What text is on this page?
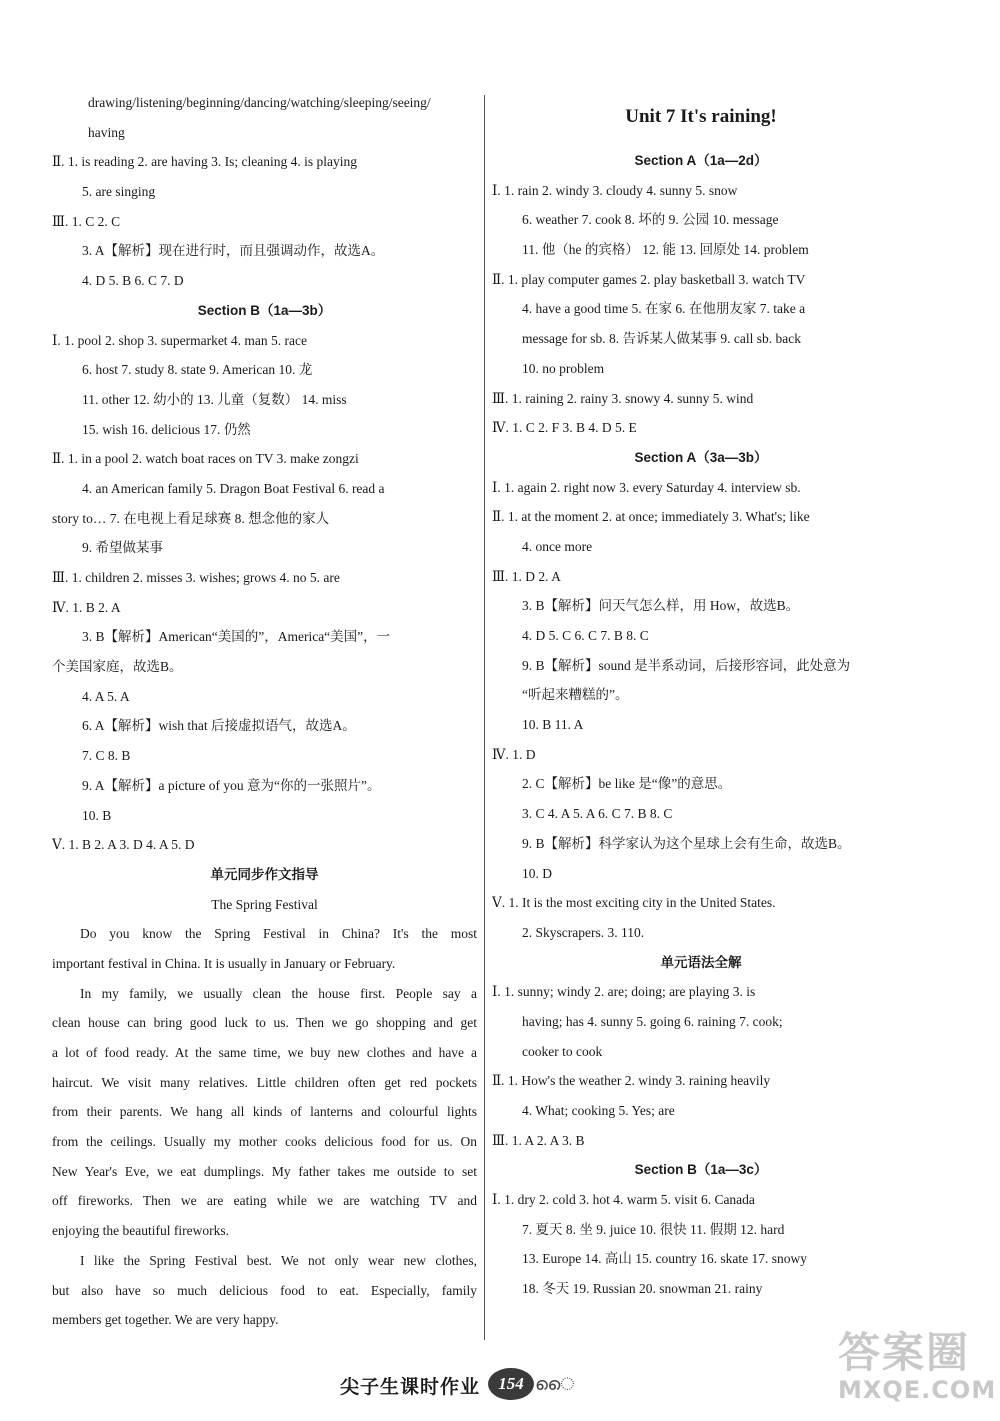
drawing/listening/beginning/dancing/watching/sleeping/seeing/
having
Ⅱ. 1. is reading 2. are having 3. Is; cleaning 4. is playing
5. are singing
Ⅲ. 1. C 2. C
3. A【解析】现在进行时，而且强调动作，故选A。
4. D 5. B 6. C 7. D
Section B（1a—3b）
Ⅰ. 1. pool 2. shop 3. supermarket 4. man 5. race
6. host 7. study 8. state 9. American 10. 龙
11. other 12. 幼小的 13. 儿童（复数） 14. miss
15. wish 16. delicious 17. 仍然
Ⅱ. 1. in a pool 2. watch boat races on TV 3. make zongzi
4. an American family 5. Dragon Boat Festival 6. read a
story to… 7. 在电视上看足球赛 8. 想念他的家人
9. 希望做某事
Ⅲ. 1. children 2. misses 3. wishes; grows 4. no 5. are
Ⅳ. 1. B 2. A
3. B【解析】American“美国的”，America“美国”，一
个美国家庭，故选B。
4. A 5. A
6. A【解析】wish that 后接虚拟语气，故选A。
7. C 8. B
9. A【解析】a picture of you 意为“你的一张照片”。
10. B
Ⅴ. 1. B 2. A 3. D 4. A 5. D
单元同步作文指导
The Spring Festival
Do you know the Spring Festival in China? It's the most
important festival in China. It is usually in January or February.
In my family, we usually clean the house first. People say a
clean house can bring good luck to us. Then we go shopping and get
a lot of food ready. At the same time, we buy new clothes and have a
haircut. We visit many relatives. Little children often get red pockets
from their parents. We hang all kinds of lanterns and colourful lights
from the ceilings. Usually my mother cooks delicious food for us. On
New Year's Eve, we eat dumplings. My father takes me outside to set
off fireworks. Then we are eating while we are watching TV and
enjoying the beautiful fireworks.
I like the Spring Festival best. We not only wear new clothes,
but also have so much delicious food to eat. Especially, family
members get together. We are very happy.
Unit 7 It's raining!
Section A（1a—2d）
Ⅰ. 1. rain 2. windy 3. cloudy 4. sunny 5. snow
6. weather 7. cook 8. 坏的 9. 公园 10. message
11. 他（he 的宾格） 12. 能 13. 回原处 14. problem
Ⅱ. 1. play computer games 2. play basketball 3. watch TV
4. have a good time 5. 在家 6. 在他朋友家 7. take a
message for sb. 8. 告诉某人做某事 9. call sb. back
10. no problem
Ⅲ. 1. raining 2. rainy 3. snowy 4. sunny 5. wind
Ⅳ. 1. C 2. F 3. B 4. D 5. E
Section A（3a—3b）
Ⅰ. 1. again 2. right now 3. every Saturday 4. interview sb.
Ⅱ. 1. at the moment 2. at once; immediately 3. What's; like
4. once more
Ⅲ. 1. D 2. A
3. B【解析】问天气怎么样，用 How，故选B。
4. D 5. C 6. C 7. B 8. C
9. B【解析】sound 是半系动词，后接形容词，此处意为
“听起来糟糕的”。
10. B 11. A
Ⅳ. 1. D
2. C【解析】be like 是“像”的意思。
3. C 4. A 5. A 6. C 7. B 8. C
9. B【解析】科学家认为这个星球上会有生命，故选B。
10. D
Ⅴ. 1. It is the most exciting city in the United States.
2. Skyscrapers. 3. 110.
单元语法全解
Ⅰ. 1. sunny; windy 2. are; doing; are playing 3. is
having; has 4. sunny 5. going 6. raining 7. cook;
cooker to cook
Ⅱ. 1. How's the weather 2. windy 3. raining heavily
4. What; cooking 5. Yes; are
Ⅲ. 1. A 2. A 3. B
Section B（1a—3c）
Ⅰ. 1. dry 2. cold 3. hot 4. warm 5. visit 6. Canada
7. 夏天 8. 坐 9. juice 10. 很快 11. 假期 12. hard
13. Europe 14. 高山 15. country 16. skate 17. snowy
18. 冬天 19. Russian 20. snowman 21. rainy
尖子生课时作业	154 ൈ
答案圈
MXQE.COM
